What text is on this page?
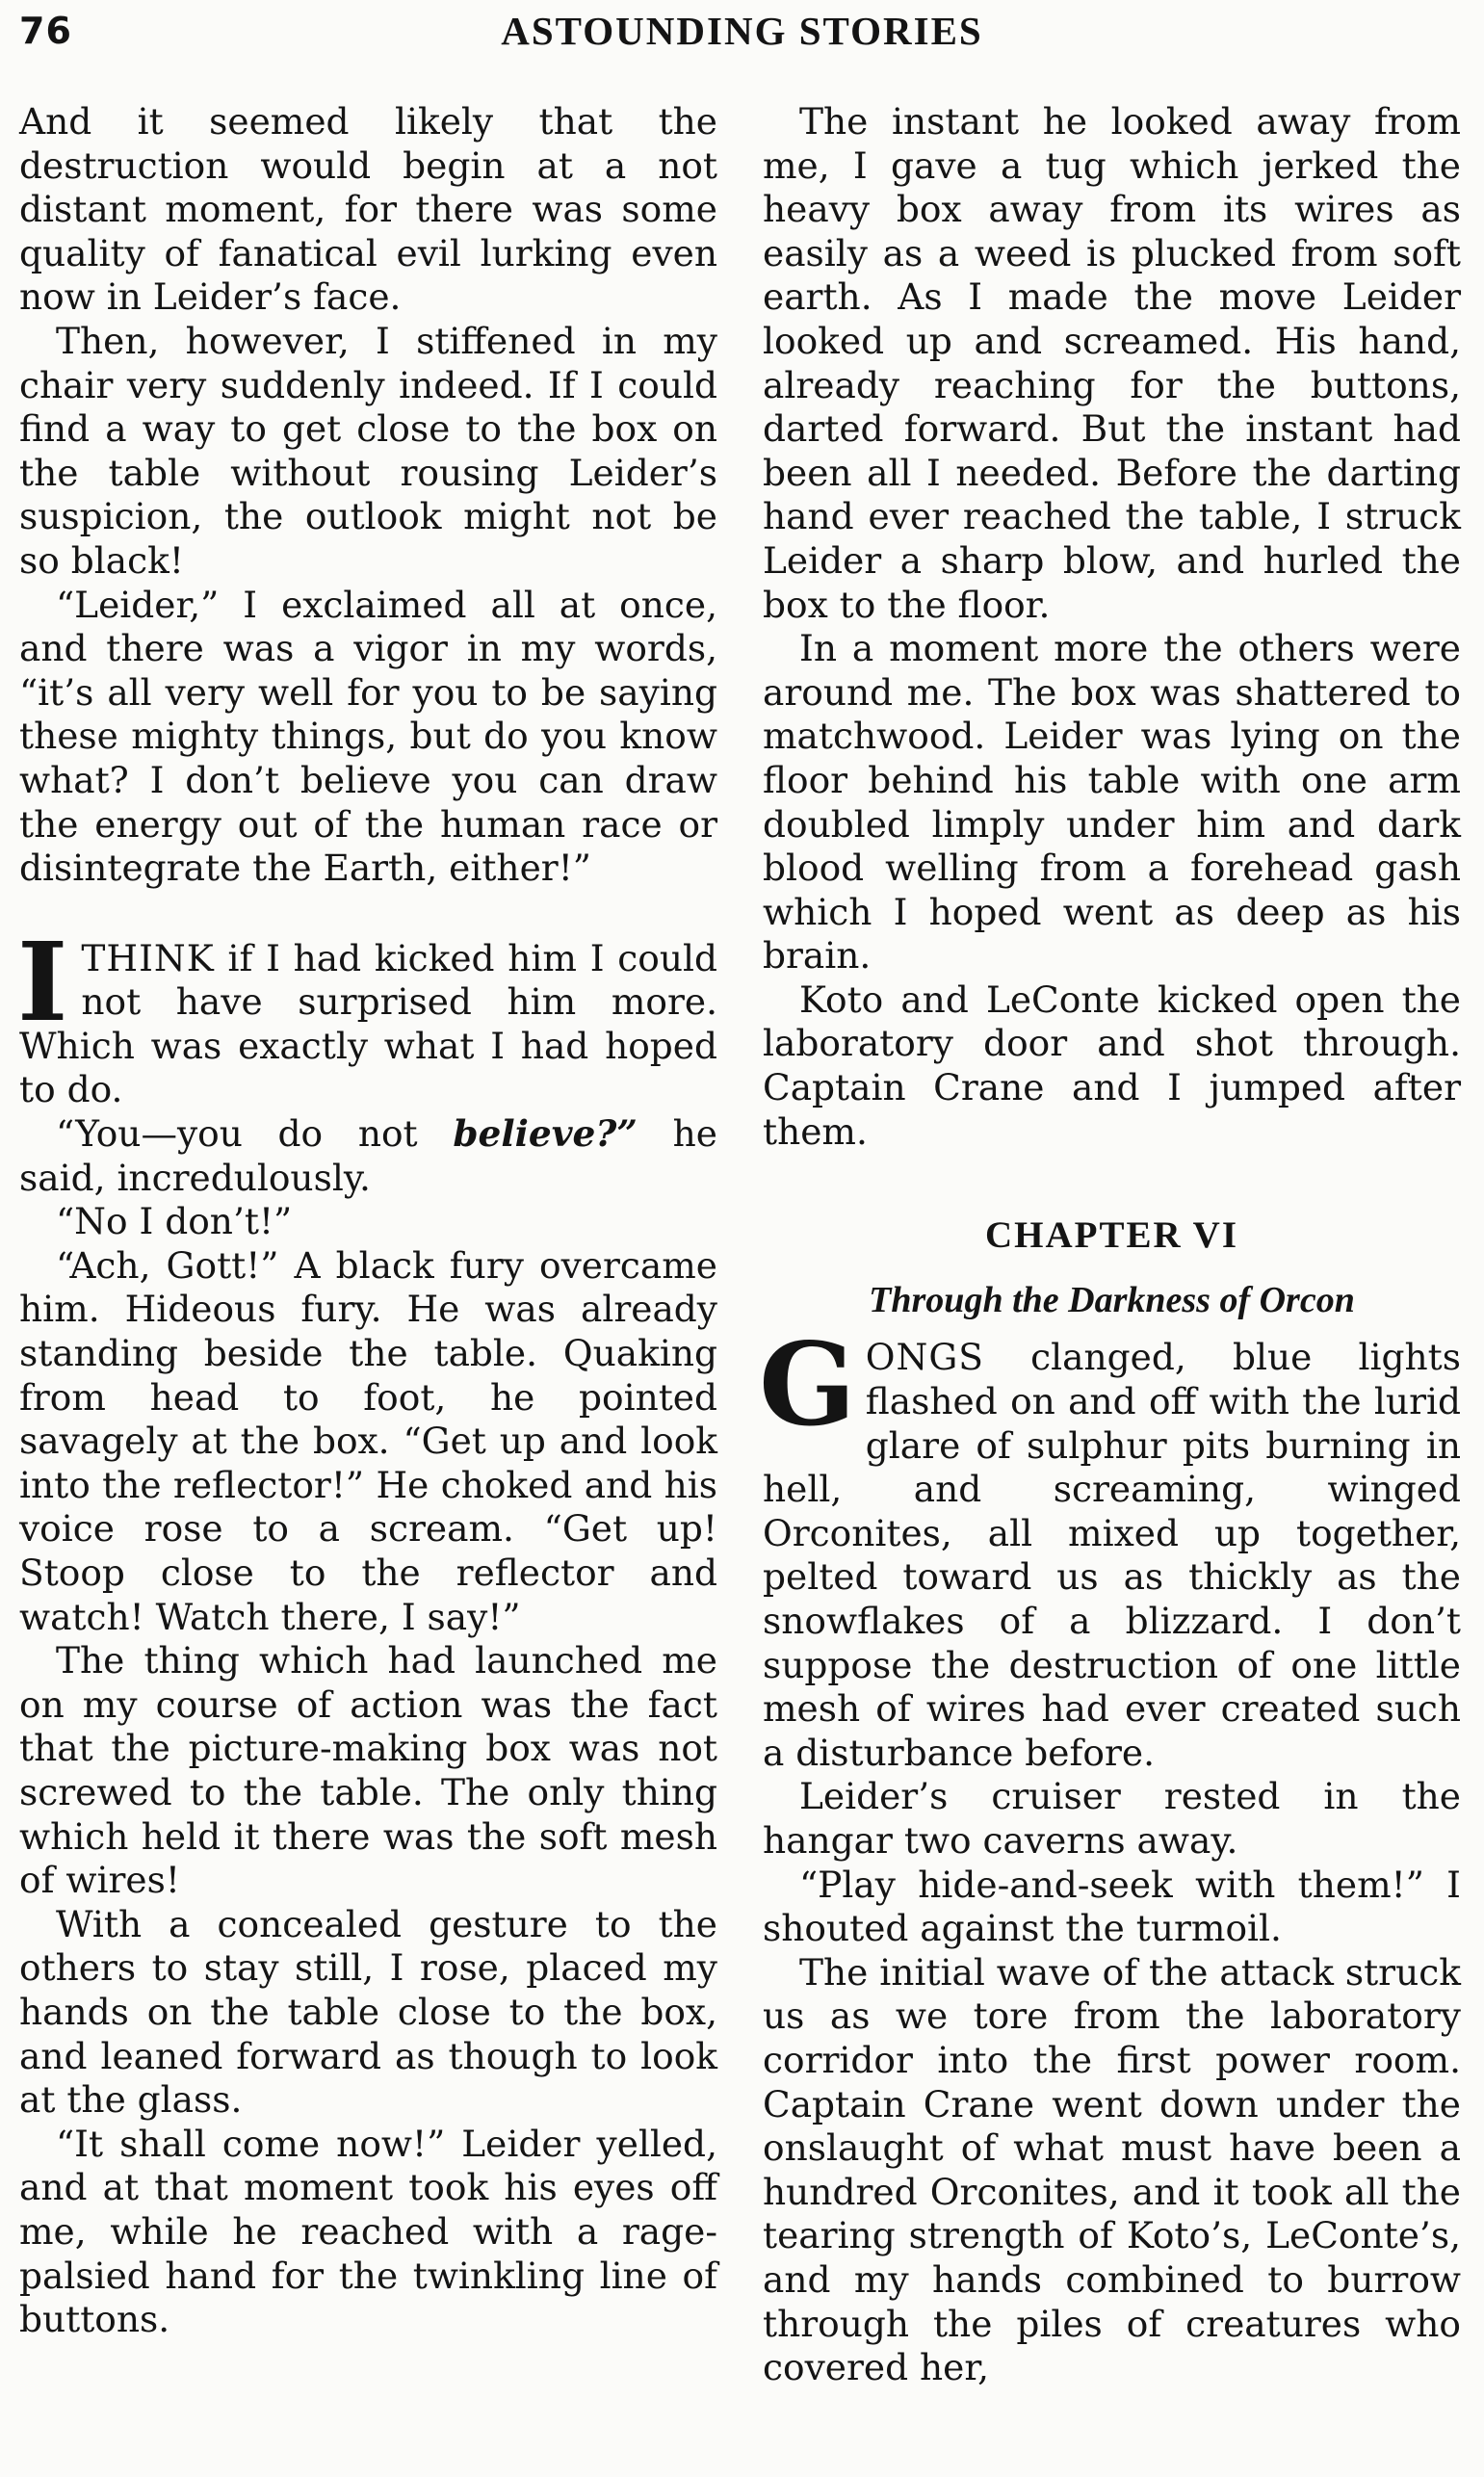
76	ASTOUNDING STORIES

And it seemed likely that the destruction would begin at a not distant moment, for there was some quality of fanatical evil lurking even now in Leider’s face.

Then, however, I stiffened in my chair very suddenly indeed. If I could find a way to get close to the box on the table without rousing Leider’s suspicion, the outlook might not be so black!

“Leider,” I exclaimed all at once, and there was a vigor in my words, “it’s all very well for you to be saying these mighty things, but do you know what? I don’t believe you can draw the energy out of the human race or disintegrate the Earth, either!”

ITHINK if I had kicked him I could not have surprised him more. Which was exactly what I had hoped to do.

“You—you do not believe?” he said, incredulously.

“No I don’t!”

“Ach, Gott!” A black fury overcame him. Hideous fury. He was already standing beside the table. Quaking from head to foot, he pointed savagely at the box. “Get up and look into the reflector!” He choked and his voice rose to a scream. “Get up! Stoop close to the reflector and watch! Watch there, I say!”

The thing which had launched me on my course of action was the fact that the picture-making box was not screwed to the table. The only thing which held it there was the soft mesh of wires!

With a concealed gesture to the others to stay still, I rose, placed my hands on the table close to the box, and leaned forward as though to look at the glass.

“It shall come now!” Leider yelled, and at that moment took his eyes off me, while he reached with a rage-palsied hand for the twinkling line of buttons.

The instant he looked away from me, I gave a tug which jerked the heavy box away from its wires as easily as a weed is plucked from soft earth. As I made the move Leider looked up and screamed. His hand, already reaching for the buttons, darted forward. But the instant had been all I needed. Before the darting hand ever reached the table, I struck Leider a sharp blow, and hurled the box to the floor.

In a moment more the others were around me. The box was shattered to matchwood. Leider was lying on the floor behind his table with one arm doubled limply under him and dark blood welling from a forehead gash which I hoped went as deep as his brain.

Koto and LeConte kicked open the laboratory door and shot through. Captain Crane and I jumped after them.

CHAPTER VI
Through the Darkness of Orcon

GONGS clanged, blue lights flashed on and off with the lurid glare of sulphur pits burning in hell, and screaming, winged Orconites, all mixed up together, pelted toward us as thickly as the snowflakes of a blizzard. I don’t suppose the destruction of one little mesh of wires had ever created such a disturbance before.

Leider’s cruiser rested in the hangar two caverns away.

“Play hide-and-seek with them!” I shouted against the turmoil.

The initial wave of the attack struck us as we tore from the laboratory corridor into the first power room. Captain Crane went down under the onslaught of what must have been a hundred Orconites, and it took all the tearing strength of Koto’s, LeConte’s, and my hands combined to burrow through the piles of creatures who covered her,
